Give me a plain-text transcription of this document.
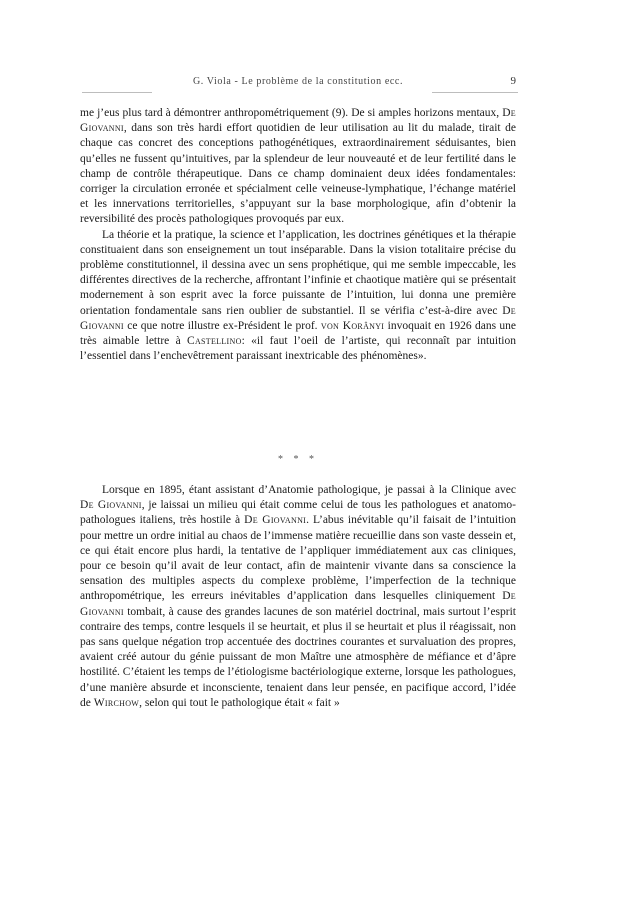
G. Viola - Le problème de la constitution ecc.	9

me j’eus plus tard à démontrer anthropométriquement (9). De si amples horizons mentaux, De Giovanni, dans son très hardi effort quotidien de leur utilisation au lit du malade, tirait de chaque cas concret des conceptions pathogénétiques, extraordinairement séduisantes, bien qu’elles ne fussent qu’intuitives, par la splendeur de leur nouveauté et de leur fertilité dans le champ de contrôle thérapeutique. Dans ce champ dominaient deux idées fondamentales: corriger la circulation erronée et spécialment celle veineuse-lymphatique, l’échange matériel et les innervations territorielles, s’appuyant sur la base morphologique, afin d’obtenir la reversibilité des procès pathologiques provoqués par eux.

La théorie et la pratique, la science et l’application, les doctrines génétiques et la thérapie constituaient dans son enseignement un tout inséparable. Dans la vision totalitaire précise du problème constitutionnel, il dessina avec un sens prophétique, qui me semble impeccable, les différentes directives de la recherche, affrontant l’infinie et chaotique matière qui se présentait modernement à son esprit avec la force puissante de l’intuition, lui donna une première orientation fondamentale sans rien oublier de substantiel. Il se vérifia c’est-à-dire avec De Giovanni ce que notre illustre ex-Président le prof. von Korânyi invoquait en 1926 dans une très aimable lettre à Castellino: «il faut l’oeil de l’artiste, qui reconnaît par intuition l’essentiel dans l’enchevêtrement paraissant inextricable des phénomènes».

* * *

Lorsque en 1895, étant assistant d’Anatomie pathologique, je passai à la Clinique avec De Giovanni, je laissai un milieu qui était comme celui de tous les pathologues et anatomo-pathologues italiens, très hostile à De Giovanni. L’abus inévitable qu’il faisait de l’intuition pour mettre un ordre initial au chaos de l’immense matière recueillie dans son vaste dessein et, ce qui était encore plus hardi, la tentative de l’appliquer immédiatement aux cas cliniques, pour ce besoin qu’il avait de leur contact, afin de maintenir vivante dans sa conscience la sensation des multiples aspects du complexe problème, l’imperfection de la technique anthropométrique, les erreurs inévitables d’application dans lesquelles cliniquement De Giovanni tombait, à cause des grandes lacunes de son matériel doctrinal, mais surtout l’esprit contraire des temps, contre lesquels il se heurtait, et plus il se heurtait et plus il réagissait, non pas sans quelque négation trop accentuée des doctrines courantes et survaluation des propres, avaient créé autour du génie puissant de mon Maître une atmosphère de méfiance et d’âpre hostilité. C’étaient les temps de l’étiologisme bactériologique externe, lorsque les pathologues, d’une manière absurde et inconsciente, tenaient dans leur pensée, en pacifique accord, l’idée de Wirchow, selon qui tout le pathologique était « fait »
